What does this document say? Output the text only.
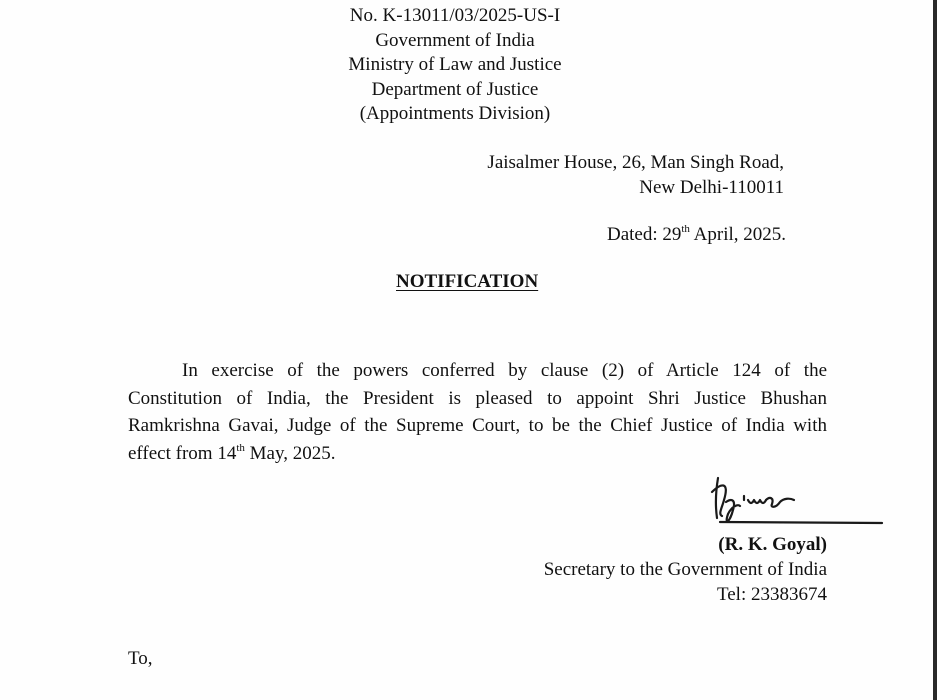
No. K-13011/03/2025-US-I
Government of India
Ministry of Law and Justice
Department of Justice
(Appointments Division)
Jaisalmer House, 26, Man Singh Road,
New Delhi-110011
Dated: 29th April, 2025.
NOTIFICATION
In exercise of the powers conferred by clause (2) of Article 124 of the
Constitution of India, the President is pleased to appoint Shri Justice Bhushan
Ramkrishna Gavai, Judge of the Supreme Court, to be the Chief Justice of India with
effect from 14th May, 2025.
(R. K. Goyal)
Secretary to the Government of India
Tel: 23383674
To,
